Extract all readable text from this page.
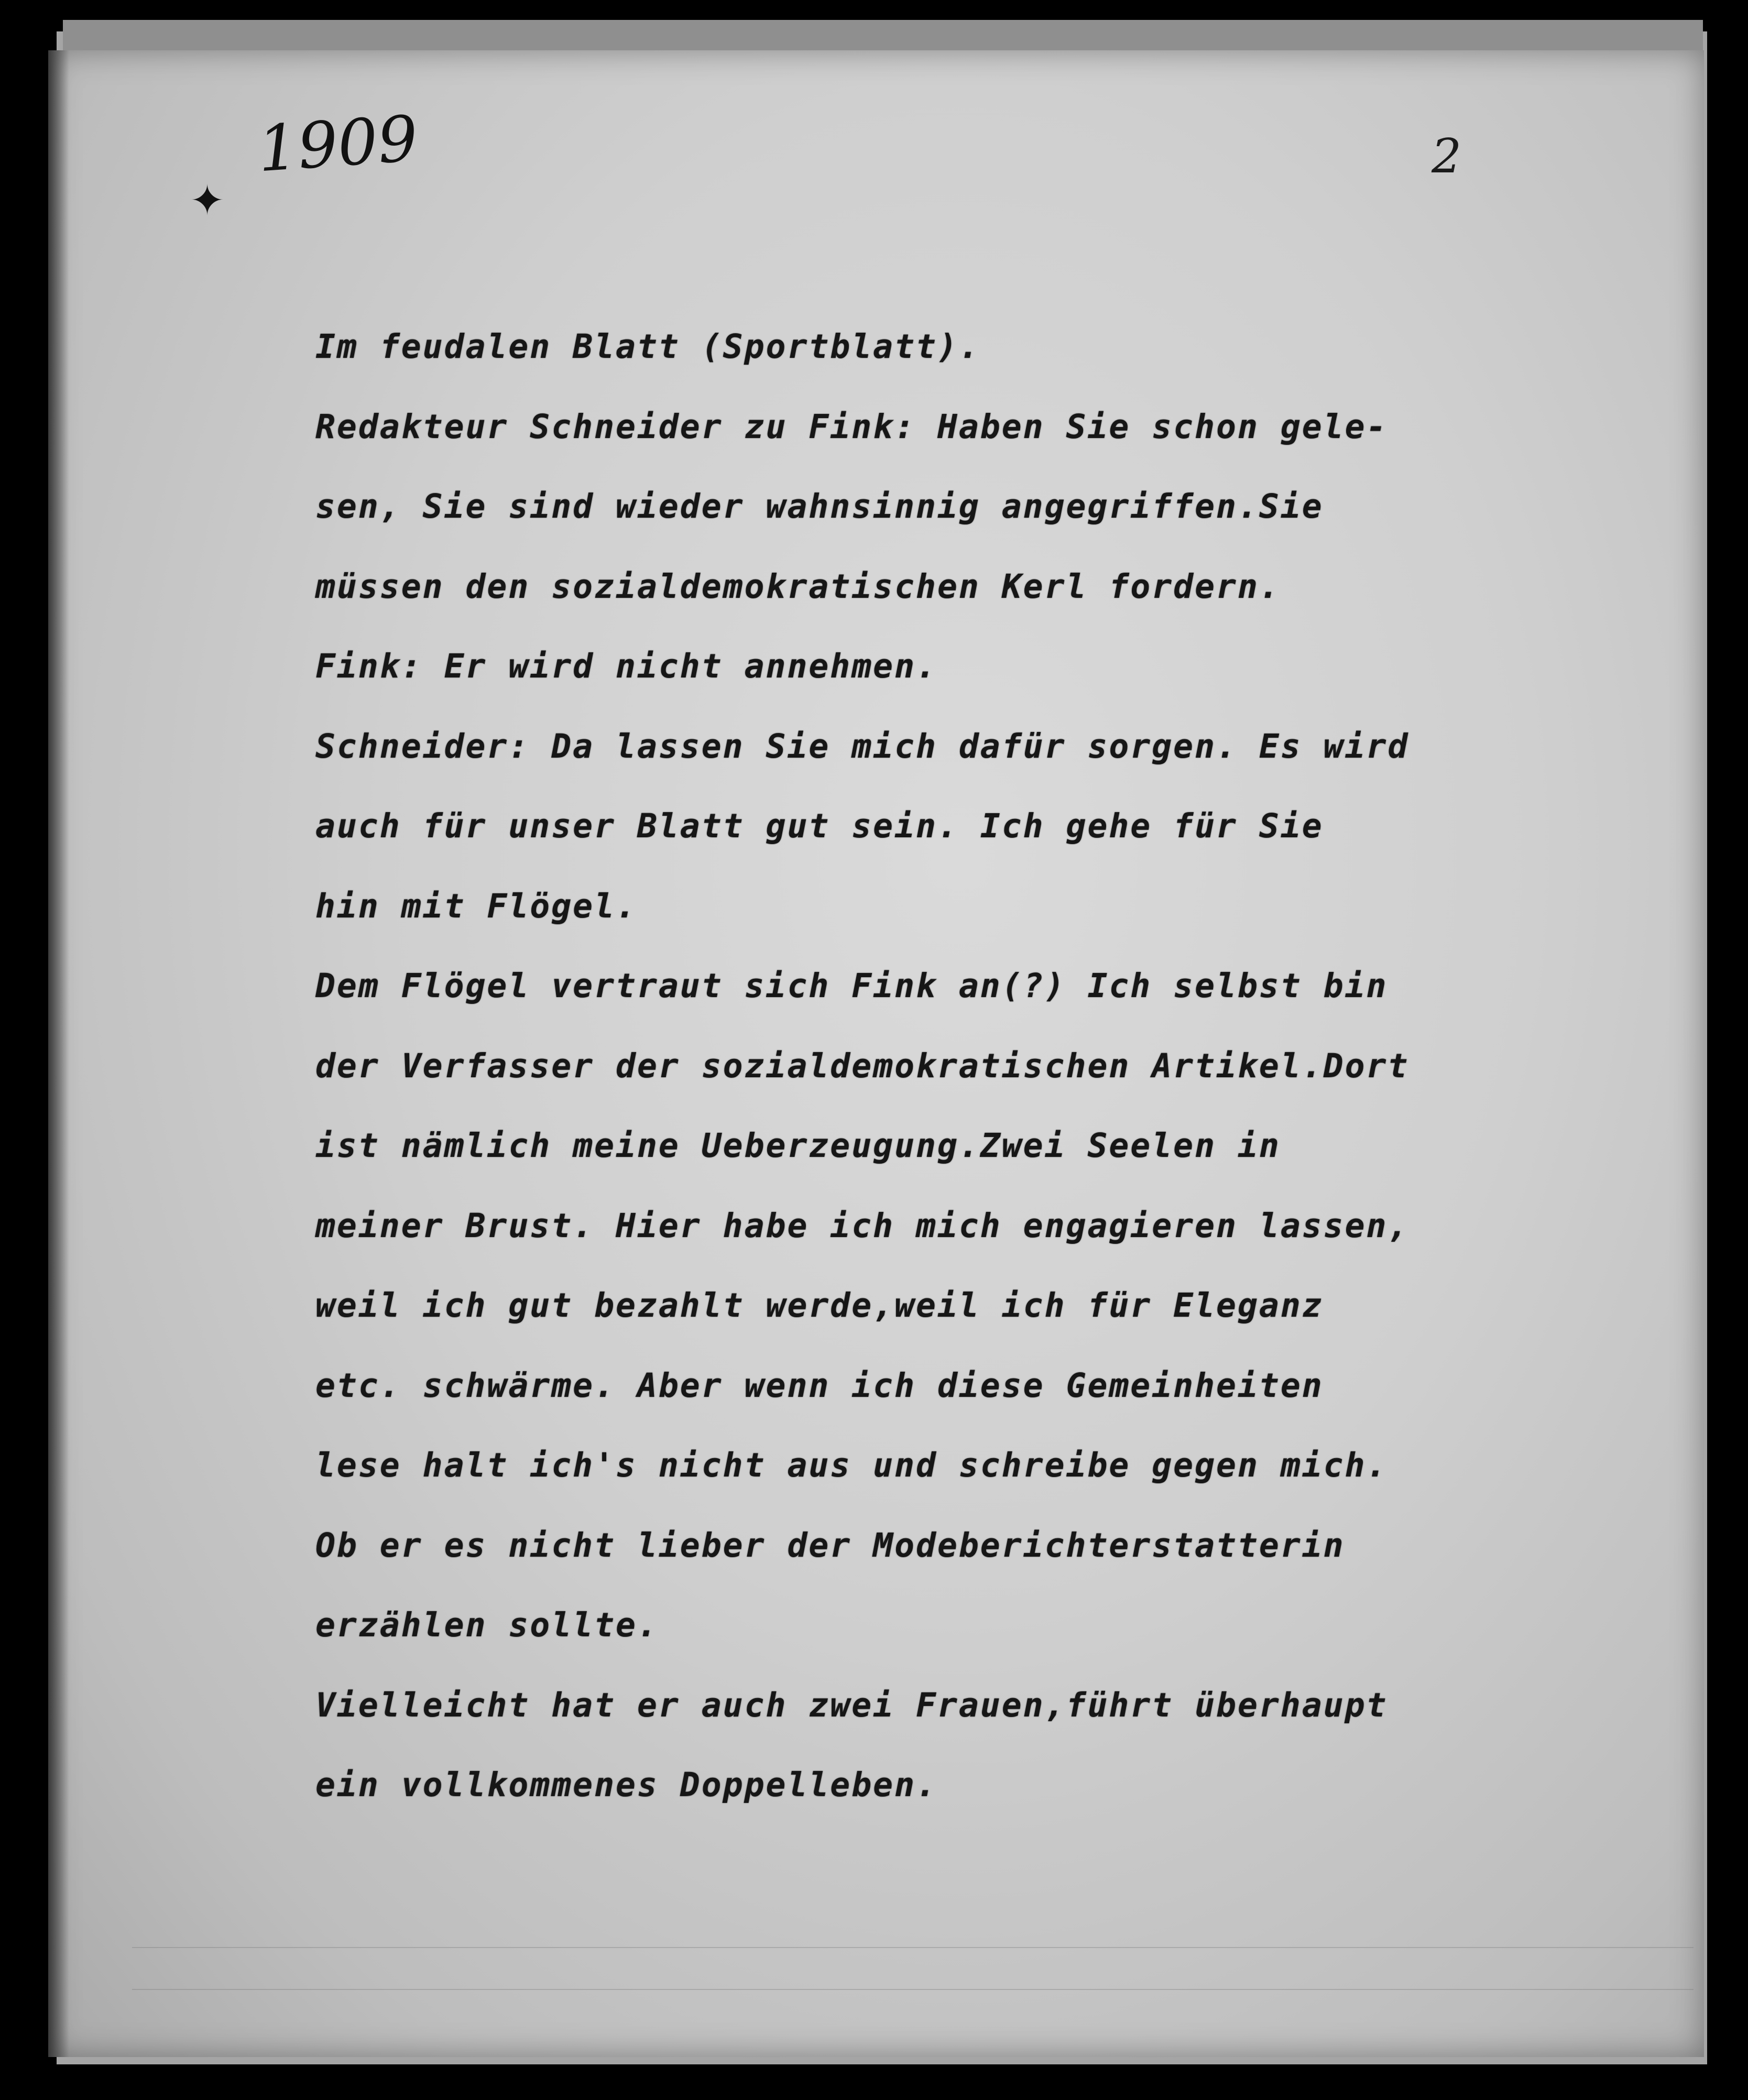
1909	2

✦

Im feudalen Blatt (Sportblatt).
Redakteur Schneider zu Fink: Haben Sie schon gele-
sen, Sie sind wieder wahnsinnig angegriffen.Sie
müssen den sozialdemokratischen Kerl fordern.
Fink: Er wird nicht annehmen.
Schneider: Da lassen Sie mich dafür sorgen. Es wird
auch für unser Blatt gut sein. Ich gehe für Sie
hin mit Flögel.
Dem Flögel vertraut sich Fink an(?) Ich selbst bin
der Verfasser der sozialdemokratischen Artikel.Dort
ist nämlich meine Ueberzeugung.Zwei Seelen in
meiner Brust. Hier habe ich mich engagieren lassen,
weil ich gut bezahlt werde,weil ich für Eleganz
etc. schwärme. Aber wenn ich diese Gemeinheiten
lese halt ich's nicht aus und schreibe gegen mich.
Ob er es nicht lieber der Modeberichterstatterin
erzählen sollte.
Vielleicht hat er auch zwei Frauen,führt überhaupt
ein vollkommenes Doppelleben.
